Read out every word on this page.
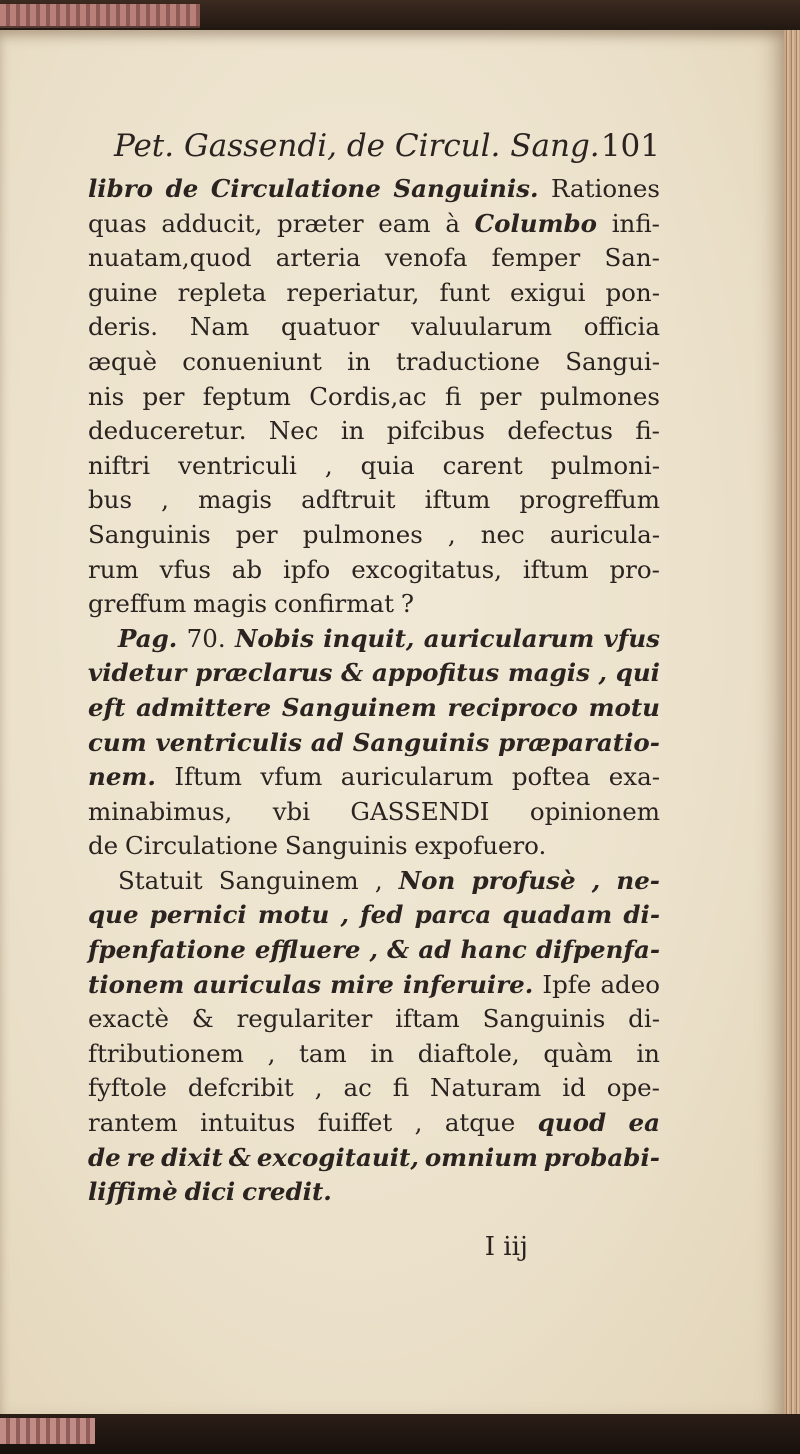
Pet. Gassendi, de Circul. Sang. 101
libro de Circulatione Sanguinis. Rationes
quas adducit, præter eam à Columbo infi-
nuatam,quod arteria venofa femper San-
guine repleta reperiatur, funt exigui pon-
deris. Nam quatuor valuularum officia
æquè conueniunt in traductione Sangui-
nis per feptum Cordis,ac fi per pulmones
deduceretur. Nec in pifcibus defectus fi-
niftri ventriculi , quia carent pulmoni-
bus , magis adftruit iftum progreffum
Sanguinis per pulmones , nec auricula-
rum vfus ab ipfo excogitatus, iftum pro-
greffum magis confirmat ?
Pag. 70. Nobis inquit, auricularum vfus
videtur præclarus & appofitus magis , qui
eft admittere Sanguinem reciproco motu
cum ventriculis ad Sanguinis præparatio-
nem. Iftum vfum auricularum poftea exa-
minabimus, vbi GASSENDI opinionem
de Circulatione Sanguinis expofuero.
Statuit Sanguinem , Non profusè , ne-
que pernici motu , fed parca quadam di-
fpenfatione effluere , & ad hanc difpenfa-
tionem auriculas mire inferuire. Ipfe adeo
exactè & regulariter iftam Sanguinis di-
ftributionem , tam in diaftole, quàm in
fyftole defcribit , ac fi Naturam id ope-
rantem intuitus fuiffet , atque quod ea
de re dixit & excogitauit, omnium probabi-
liffimè dici credit.
I iij
